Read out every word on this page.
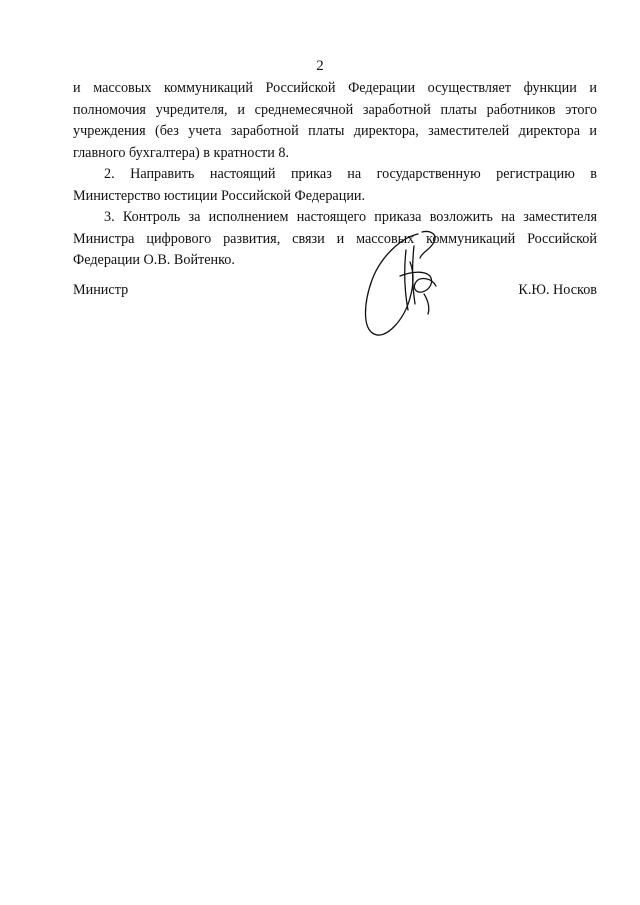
2

и массовых коммуникаций Российской Федерации осуществляет функции и полномочия учредителя, и среднемесячной заработной платы работников этого учреждения (без учета заработной платы директора, заместителей директора и главного бухгалтера) в кратности 8.

2. Направить настоящий приказ на государственную регистрацию в Министерство юстиции Российской Федерации.

3. Контроль за исполнением настоящего приказа возложить на заместителя Министра цифрового развития, связи и массовых коммуникаций Российской Федерации О.В. Войтенко.

Министр	К.Ю. Носков
